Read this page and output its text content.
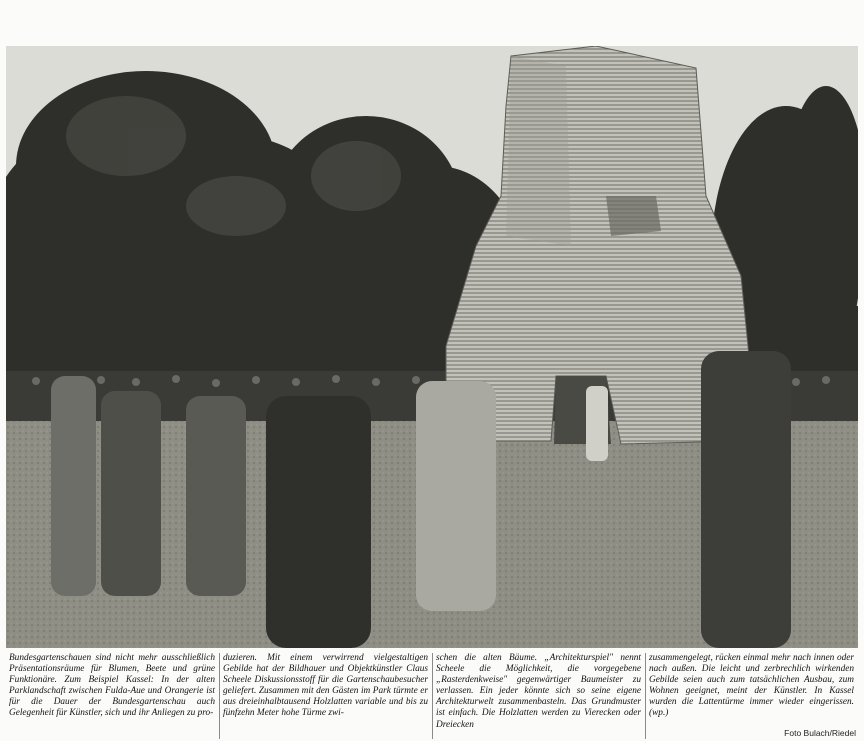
Bundesgartenschauen sind nicht mehr ausschließlich Präsentationsräume für Blumen, Beete und grüne Funktionäre. Zum Beispiel Kassel: In der alten Parklandschaft zwischen Fulda-Aue und Orangerie ist für die Dauer der Bundesgartenschau auch Gelegenheit für Künstler, sich und ihr Anliegen zu pro-
duzieren. Mit einem verwirrend vielgestaltigen Gebilde hat der Bildhauer und Objektkünstler Claus Scheele Diskussionsstoff für die Gartenschaubesucher geliefert. Zusammen mit den Gästen im Park türmte er aus dreieinhalbtausend Holzlatten variable und bis zu fünfzehn Meter hohe Türme zwi-
schen die alten Bäume. „Architekturspiel" nennt Scheele die Möglichkeit, die vorgegebene „Rasterdenkweise" gegenwärtiger Baumeister zu verlassen. Ein jeder könnte sich so seine eigene Architekturwelt zusammenbasteln. Das Grundmuster ist einfach. Die Holzlatten werden zu Vierecken oder Dreiecken
zusammengelegt, rücken einmal mehr nach innen oder nach außen. Die leicht und zerbrechlich wirkenden Gebilde seien auch zum tatsächlichen Ausbau, zum Wohnen geeignet, meint der Künstler. In Kassel wurden die Lattentürme immer wieder eingerissen. (wp.)
Foto Bulach/Riedel
